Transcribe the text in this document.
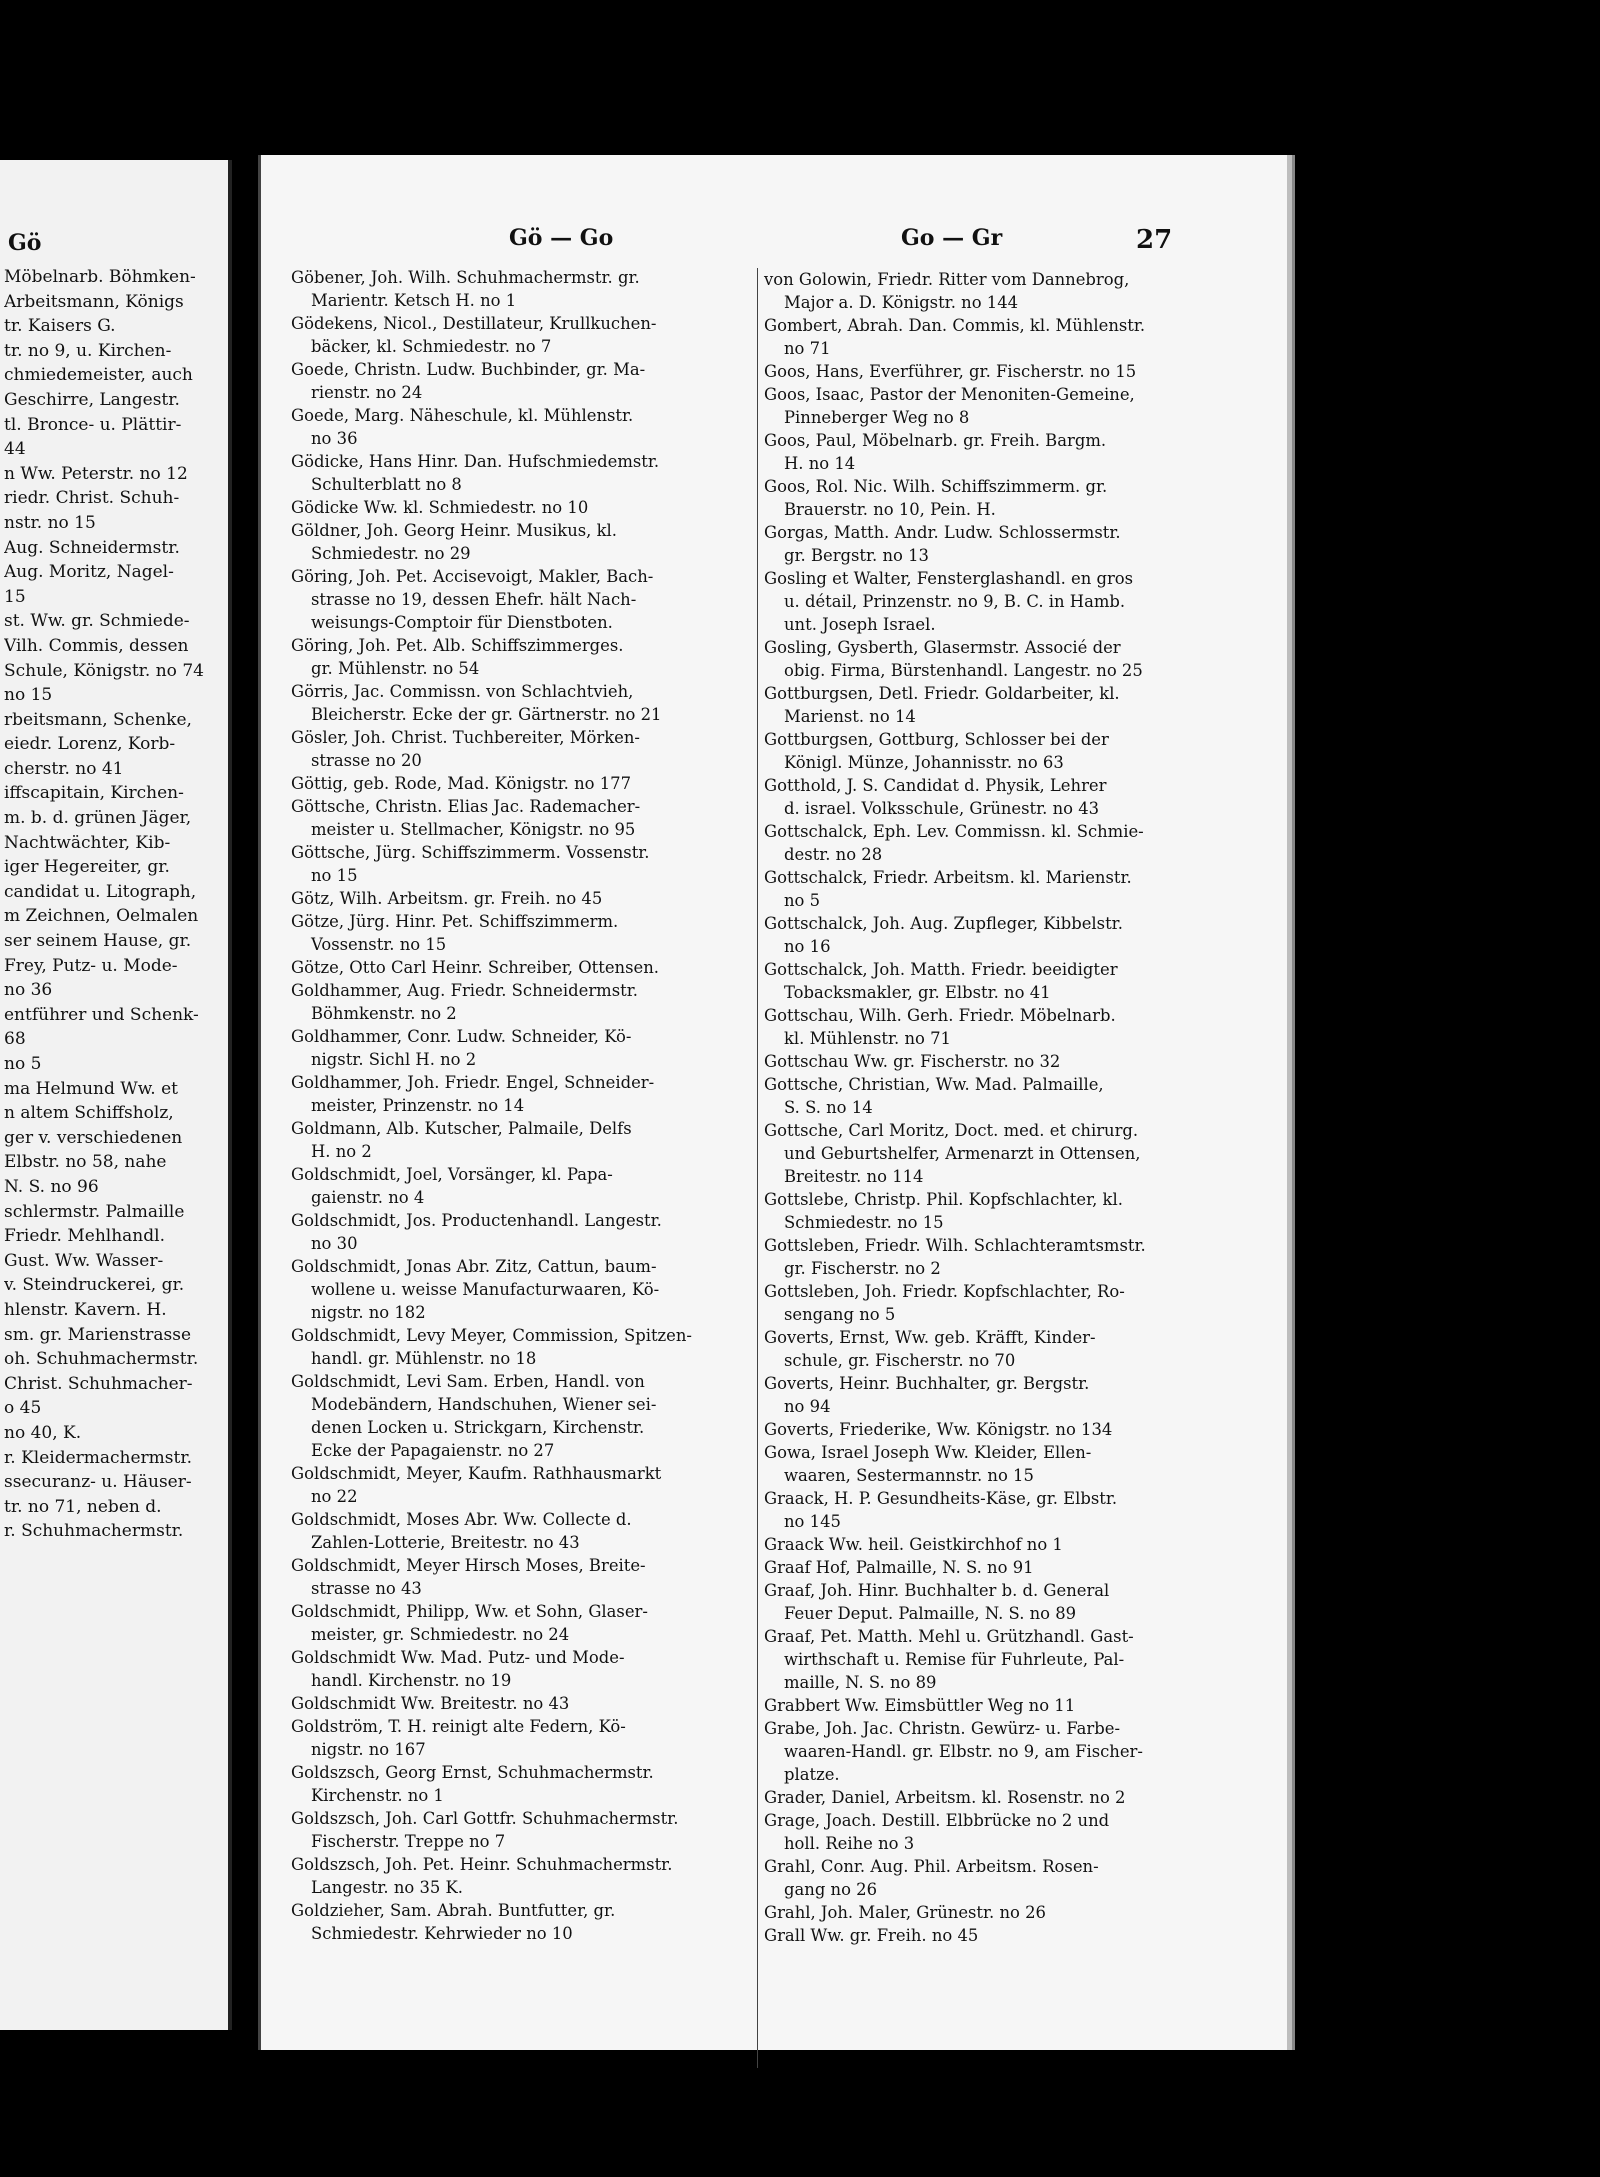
Gö
Möbelnarb. Böhmken-
Arbeitsmann, Königs
tr. Kaisers G.
tr. no 9, u. Kirchen-
chmiedemeister, auch
Geschirre, Langestr.
tl. Bronce- u. Plättir-
44
n Ww. Peterstr. no 12
riedr. Christ. Schuh-
nstr. no 15
Aug. Schneidermstr.
Aug. Moritz, Nagel-
15
st. Ww. gr. Schmiede-
Vilh. Commis, dessen
Schule, Königstr. no 74
no 15
rbeitsmann, Schenke,
eiedr. Lorenz, Korb-
cherstr. no 41
iffscapitain, Kirchen-
m. b. d. grünen Jäger,
Nachtwächter, Kib-
iger Hegereiter, gr.
candidat u. Litograph,
m Zeichnen, Oelmalen
ser seinem Hause, gr.
Frey, Putz- u. Mode-
no 36
entführer und Schenk-
68
no 5
ma Helmund Ww. et
n altem Schiffsholz,
ger v. verschiedenen
Elbstr. no 58, nahe
N. S. no 96
schlermstr. Palmaille
Friedr. Mehlhandl.
Gust. Ww. Wasser-
v. Steindruckerei, gr.
hlenstr. Kavern. H.
sm. gr. Marienstrasse
oh. Schuhmachermstr.
Christ. Schuhmacher-
o 45
no 40, K.
r. Kleidermachermstr.
ssecuranz- u. Häuser-
tr. no 71, neben d.
r. Schuhmachermstr.
Gö — Go	Go — Gr	27
Göbener, Joh. Wilh. Schuhmachermstr. gr.
Marientr. Ketsch H. no 1
Gödekens, Nicol., Destillateur, Krullkuchen-
bäcker, kl. Schmiedestr. no 7
Goede, Christn. Ludw. Buchbinder, gr. Ma-
rienstr. no 24
Goede, Marg. Näheschule, kl. Mühlenstr.
no 36
Gödicke, Hans Hinr. Dan. Hufschmiedemstr.
Schulterblatt no 8
Gödicke Ww. kl. Schmiedestr. no 10
Göldner, Joh. Georg Heinr. Musikus, kl.
Schmiedestr. no 29
Göring, Joh. Pet. Accisevoigt, Makler, Bach-
strasse no 19, dessen Ehefr. hält Nach-
weisungs-Comptoir für Dienstboten.
Göring, Joh. Pet. Alb. Schiffszimmerges.
gr. Mühlenstr. no 54
Görris, Jac. Commissn. von Schlachtvieh,
Bleicherstr. Ecke der gr. Gärtnerstr. no 21
Gösler, Joh. Christ. Tuchbereiter, Mörken-
strasse no 20
Göttig, geb. Rode, Mad. Königstr. no 177
Göttsche, Christn. Elias Jac. Rademacher-
meister u. Stellmacher, Königstr. no 95
Göttsche, Jürg. Schiffszimmerm. Vossenstr.
no 15
Götz, Wilh. Arbeitsm. gr. Freih. no 45
Götze, Jürg. Hinr. Pet. Schiffszimmerm.
Vossenstr. no 15
Götze, Otto Carl Heinr. Schreiber, Ottensen.
Goldhammer, Aug. Friedr. Schneidermstr.
Böhmkenstr. no 2
Goldhammer, Conr. Ludw. Schneider, Kö-
nigstr. Sichl H. no 2
Goldhammer, Joh. Friedr. Engel, Schneider-
meister, Prinzenstr. no 14
Goldmann, Alb. Kutscher, Palmaile, Delfs
H. no 2
Goldschmidt, Joel, Vorsänger, kl. Papa-
gaienstr. no 4
Goldschmidt, Jos. Productenhandl. Langestr.
no 30
Goldschmidt, Jonas Abr. Zitz, Cattun, baum-
wollene u. weisse Manufacturwaaren, Kö-
nigstr. no 182
Goldschmidt, Levy Meyer, Commission, Spitzen-
handl. gr. Mühlenstr. no 18
Goldschmidt, Levi Sam. Erben, Handl. von
Modebändern, Handschuhen, Wiener sei-
denen Locken u. Strickgarn, Kirchenstr.
Ecke der Papagaienstr. no 27
Goldschmidt, Meyer, Kaufm. Rathhausmarkt
no 22
Goldschmidt, Moses Abr. Ww. Collecte d.
Zahlen-Lotterie, Breitestr. no 43
Goldschmidt, Meyer Hirsch Moses, Breite-
strasse no 43
Goldschmidt, Philipp, Ww. et Sohn, Glaser-
meister, gr. Schmiedestr. no 24
Goldschmidt Ww. Mad. Putz- und Mode-
handl. Kirchenstr. no 19
Goldschmidt Ww. Breitestr. no 43
Goldström, T. H. reinigt alte Federn, Kö-
nigstr. no 167
Goldszsch, Georg Ernst, Schuhmachermstr.
Kirchenstr. no 1
Goldszsch, Joh. Carl Gottfr. Schuhmachermstr.
Fischerstr. Treppe no 7
Goldszsch, Joh. Pet. Heinr. Schuhmachermstr.
Langestr. no 35 K.
Goldzieher, Sam. Abrah. Buntfutter, gr.
Schmiedestr. Kehrwieder no 10
von Golowin, Friedr. Ritter vom Dannebrog,
Major a. D. Königstr. no 144
Gombert, Abrah. Dan. Commis, kl. Mühlenstr.
no 71
Goos, Hans, Everführer, gr. Fischerstr. no 15
Goos, Isaac, Pastor der Menoniten-Gemeine,
Pinneberger Weg no 8
Goos, Paul, Möbelnarb. gr. Freih. Bargm.
H. no 14
Goos, Rol. Nic. Wilh. Schiffszimmerm. gr.
Brauerstr. no 10, Pein. H.
Gorgas, Matth. Andr. Ludw. Schlossermstr.
gr. Bergstr. no 13
Gosling et Walter, Fensterglashandl. en gros
u. détail, Prinzenstr. no 9, B. C. in Hamb.
unt. Joseph Israel.
Gosling, Gysberth, Glasermstr. Associé der
obig. Firma, Bürstenhandl. Langestr. no 25
Gottburgsen, Detl. Friedr. Goldarbeiter, kl.
Marienst. no 14
Gottburgsen, Gottburg, Schlosser bei der
Königl. Münze, Johannisstr. no 63
Gotthold, J. S. Candidat d. Physik, Lehrer
d. israel. Volksschule, Grünestr. no 43
Gottschalck, Eph. Lev. Commissn. kl. Schmie-
destr. no 28
Gottschalck, Friedr. Arbeitsm. kl. Marienstr.
no 5
Gottschalck, Joh. Aug. Zupfleger, Kibbelstr.
no 16
Gottschalck, Joh. Matth. Friedr. beeidigter
Tobacksmakler, gr. Elbstr. no 41
Gottschau, Wilh. Gerh. Friedr. Möbelnarb.
kl. Mühlenstr. no 71
Gottschau Ww. gr. Fischerstr. no 32
Gottsche, Christian, Ww. Mad. Palmaille,
S. S. no 14
Gottsche, Carl Moritz, Doct. med. et chirurg.
und Geburtshelfer, Armenarzt in Ottensen,
Breitestr. no 114
Gottslebe, Christp. Phil. Kopfschlachter, kl.
Schmiedestr. no 15
Gottsleben, Friedr. Wilh. Schlachteramtsmstr.
gr. Fischerstr. no 2
Gottsleben, Joh. Friedr. Kopfschlachter, Ro-
sengang no 5
Goverts, Ernst, Ww. geb. Kräfft, Kinder-
schule, gr. Fischerstr. no 70
Goverts, Heinr. Buchhalter, gr. Bergstr.
no 94
Goverts, Friederike, Ww. Königstr. no 134
Gowa, Israel Joseph Ww. Kleider, Ellen-
waaren, Sestermannstr. no 15
Graack, H. P. Gesundheits-Käse, gr. Elbstr.
no 145
Graack Ww. heil. Geistkirchhof no 1
Graaf Hof, Palmaille, N. S. no 91
Graaf, Joh. Hinr. Buchhalter b. d. General
Feuer Deput. Palmaille, N. S. no 89
Graaf, Pet. Matth. Mehl u. Grützhandl. Gast-
wirthschaft u. Remise für Fuhrleute, Pal-
maille, N. S. no 89
Grabbert Ww. Eimsbüttler Weg no 11
Grabe, Joh. Jac. Christn. Gewürz- u. Farbe-
waaren-Handl. gr. Elbstr. no 9, am Fischer-
platze.
Grader, Daniel, Arbeitsm. kl. Rosenstr. no 2
Grage, Joach. Destill. Elbbrücke no 2 und
holl. Reihe no 3
Grahl, Conr. Aug. Phil. Arbeitsm. Rosen-
gang no 26
Grahl, Joh. Maler, Grünestr. no 26
Grall Ww. gr. Freih. no 45
